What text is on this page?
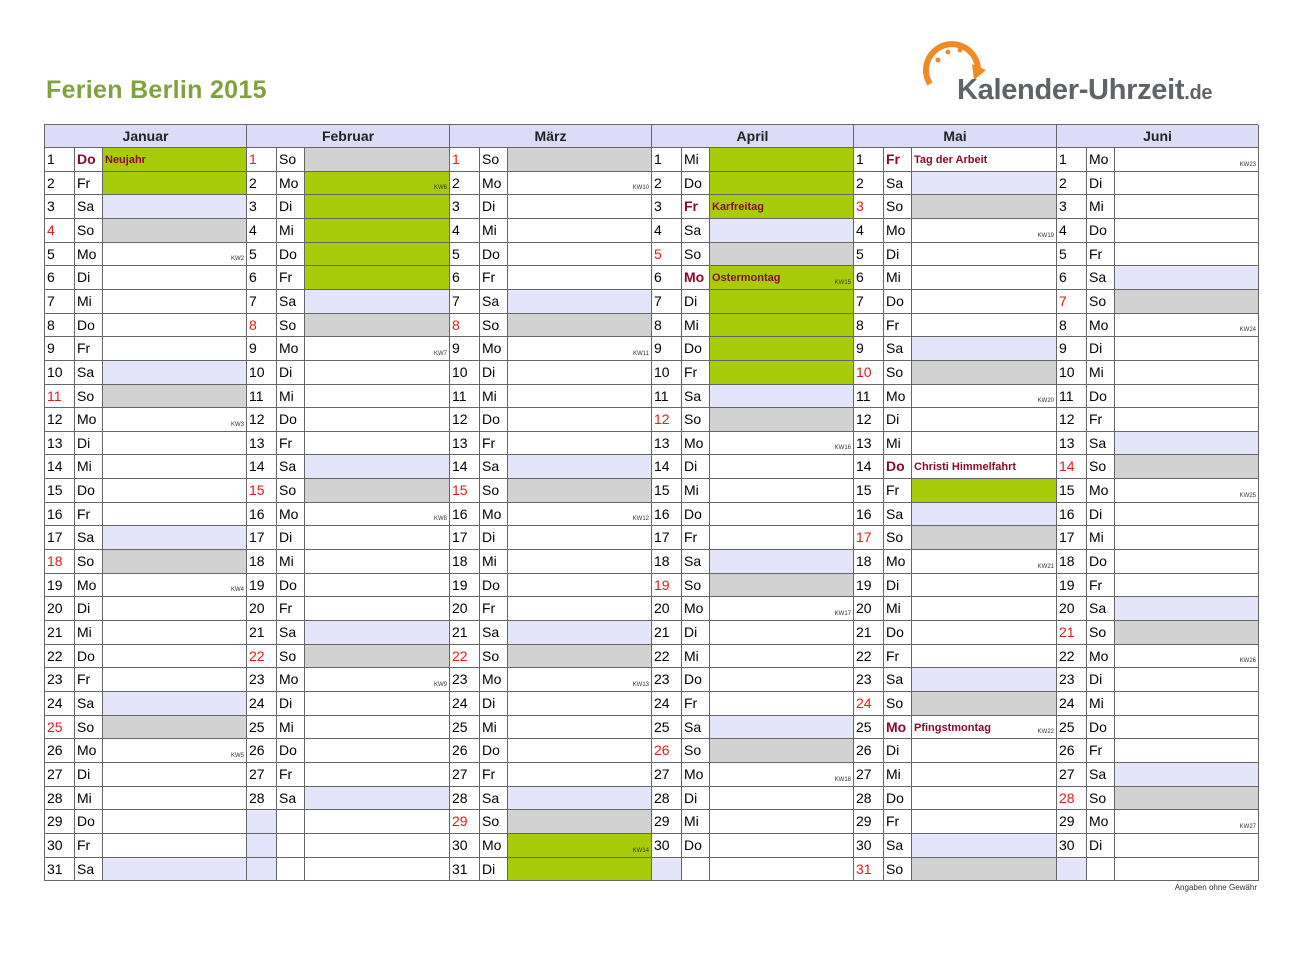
Ferien Berlin 2015	Kalender-Uhrzeit.de
Januar
1	Do Neujahr
2	Fr
3	Sa
4	So
5	Mo	KW2
6	Di
7	Mi
8	Do
9	Fr
10	Sa
11	So
12	Mo	KW3
13	Di
14	Mi
15	Do
16	Fr
17	Sa
18	So
19	Mo	KW4
20	Di
21	Mi
22	Do
23	Fr
24	Sa
25	So
26	Mo	KW5
27	Di
28	Mi
29	Do
30	Fr
31	Sa
Februar
1	So
2	Mo	KW6
3	Di
4	Mi
5	Do
6	Fr
7	Sa
8	So
9	Mo	KW7
10	Di
11	Mi
12	Do
13	Fr
14	Sa
15	So
16	Mo	KW8
17	Di
18	Mi
19	Do
20	Fr
21	Sa
22	So
23	Mo	KW9
24	Di
25	Mi
26	Do
27	Fr
28	Sa
März
1	So
2	Mo	KW10
3	Di
4	Mi
5	Do
6	Fr
7	Sa
8	So
9	Mo	KW11
10	Di
11	Mi
12	Do
13	Fr
14	Sa
15	So
16	Mo	KW12
17	Di
18	Mi
19	Do
20	Fr
21	Sa
22	So
23	Mo	KW13
24	Di
25	Mi
26	Do
27	Fr
28	Sa
29	So
30	Mo	KW14
31	Di
April
1	Mi
2	Do
3	Fr	Karfreitag
4	Sa
5	So
6	Mo Ostermontag	KW15
7	Di
8	Mi
9	Do
10	Fr
11	Sa
12	So
13	Mo	KW16
14	Di
15	Mi
16	Do
17	Fr
18	Sa
19	So
20	Mo	KW17
21	Di
22	Mi
23	Do
24	Fr
25	Sa
26	So
27	Mo	KW18
28	Di
29	Mi
30	Do
Mai
1	Fr	Tag der Arbeit
2	Sa
3	So
4	Mo	KW19
5	Di
6	Mi
7	Do
8	Fr
9	Sa
10	So
11	Mo	KW20
12	Di
13	Mi
14	Do Christi Himmelfahrt
15	Fr
16	Sa
17	So
18	Mo	KW21
19	Di
20	Mi
21	Do
22	Fr
23	Sa
24	So
25	Mo Pfingstmontag	KW22
26	Di
27	Mi
28	Do
29	Fr
30	Sa
31	So
Juni
1	Mo	KW23
2	Di
3	Mi
4	Do
5	Fr
6	Sa
7	So
8	Mo	KW24
9	Di
10	Mi
11	Do
12	Fr
13	Sa
14	So
15	Mo	KW25
16	Di
17	Mi
18	Do
19	Fr
20	Sa
21	So
22	Mo	KW26
23	Di
24	Mi
25	Do
26	Fr
27	Sa
28	So
29	Mo	KW27
30	Di
Angaben ohne Gewähr
